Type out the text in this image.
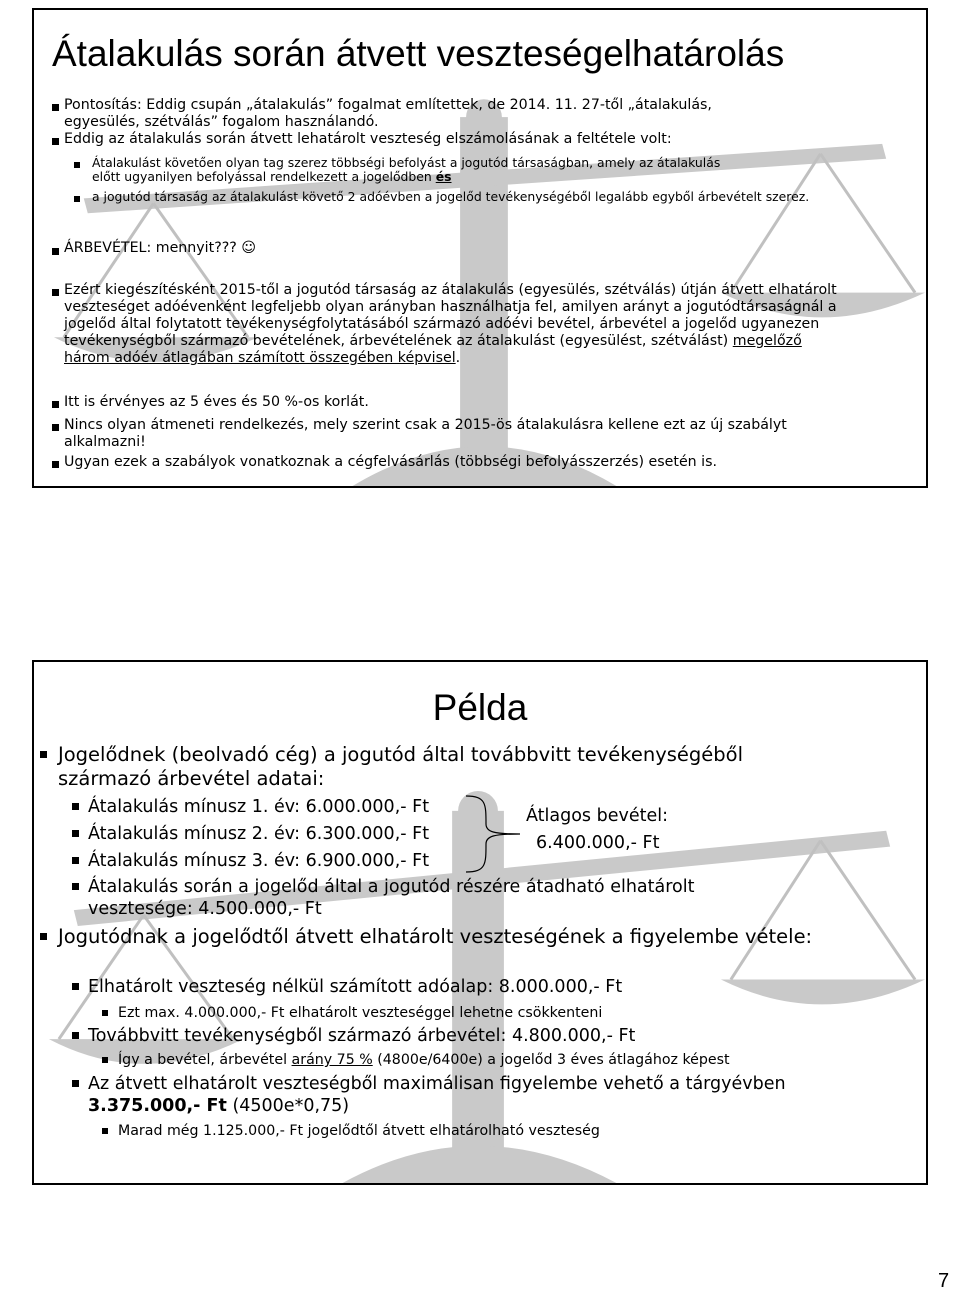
Átalakulás során átvett veszteségelhatárolás
Pontosítás: Eddig csupán „átalakulás” fogalmat említettek, de 2014. 11. 27-től „átalakulás, egyesülés, szétválás” fogalom használandó.
Eddig az átalakulás során átvett lehatárolt veszteség elszámolásának a feltétele volt:
Átalakulást követően olyan tag szerez többségi befolyást a jogutód társaságban, amely az átalakulás előtt ugyanilyen befolyással rendelkezett a jogelődben és
a jogutód társaság az átalakulást követő 2 adóévben a jogelőd tevékenységéből legalább egyből árbevételt szerez.
ÁRBEVÉTEL: mennyit??? ☺
Ezért kiegészítésként 2015-től a jogutód társaság az átalakulás (egyesülés, szétválás) útján átvett elhatárolt veszteséget adóévenként legfeljebb olyan arányban használhatja fel, amilyen arányt a jogutódtársaságnál a jogelőd által folytatott tevékenységfolytatásából származó adóévi bevétel, árbevétel a jogelőd ugyanezen tevékenységből származó bevételének, árbevételének az átalakulást (egyesülést, szétválást) megelőző három adóév átlagában számított összegében képvisel.
Itt is érvényes az 5 éves és 50 %-os korlát.
Nincs olyan átmeneti rendelkezés, mely szerint csak a 2015-ös átalakulásra kellene ezt az új szabályt alkalmazni!
Ugyan ezek a szabályok vonatkoznak a cégfelvásárlás (többségi befolyásszerzés) esetén is.
Példa
Jogelődnek (beolvadó cég) a jogutód által továbbvitt tevékenységéből származó árbevétel adatai:
Átalakulás mínusz 1. év: 6.000.000,- Ft
Átalakulás mínusz 2. év: 6.300.000,- Ft
Átalakulás mínusz 3. év: 6.900.000,- Ft
Átlagos bevétel:
6.400.000,- Ft
Átalakulás során a jogelőd által a jogutód részére átadható elhatárolt vesztesége: 4.500.000,- Ft
Jogutódnak a jogelődtől átvett elhatárolt veszteségének a figyelembe vétele:
Elhatárolt veszteség nélkül számított adóalap: 8.000.000,- Ft
Ezt max. 4.000.000,- Ft elhatárolt veszteséggel lehetne csökkenteni
Továbbvitt tevékenységből származó árbevétel: 4.800.000,- Ft
Így a bevétel, árbevétel arány 75 % (4800e/6400e) a jogelőd 3 éves átlagához képest
Az átvett elhatárolt veszteségből maximálisan figyelembe vehető a tárgyévben
3.375.000,- Ft (4500e*0,75)
Marad még 1.125.000,- Ft jogelődtől átvett elhatárolható veszteség
7
